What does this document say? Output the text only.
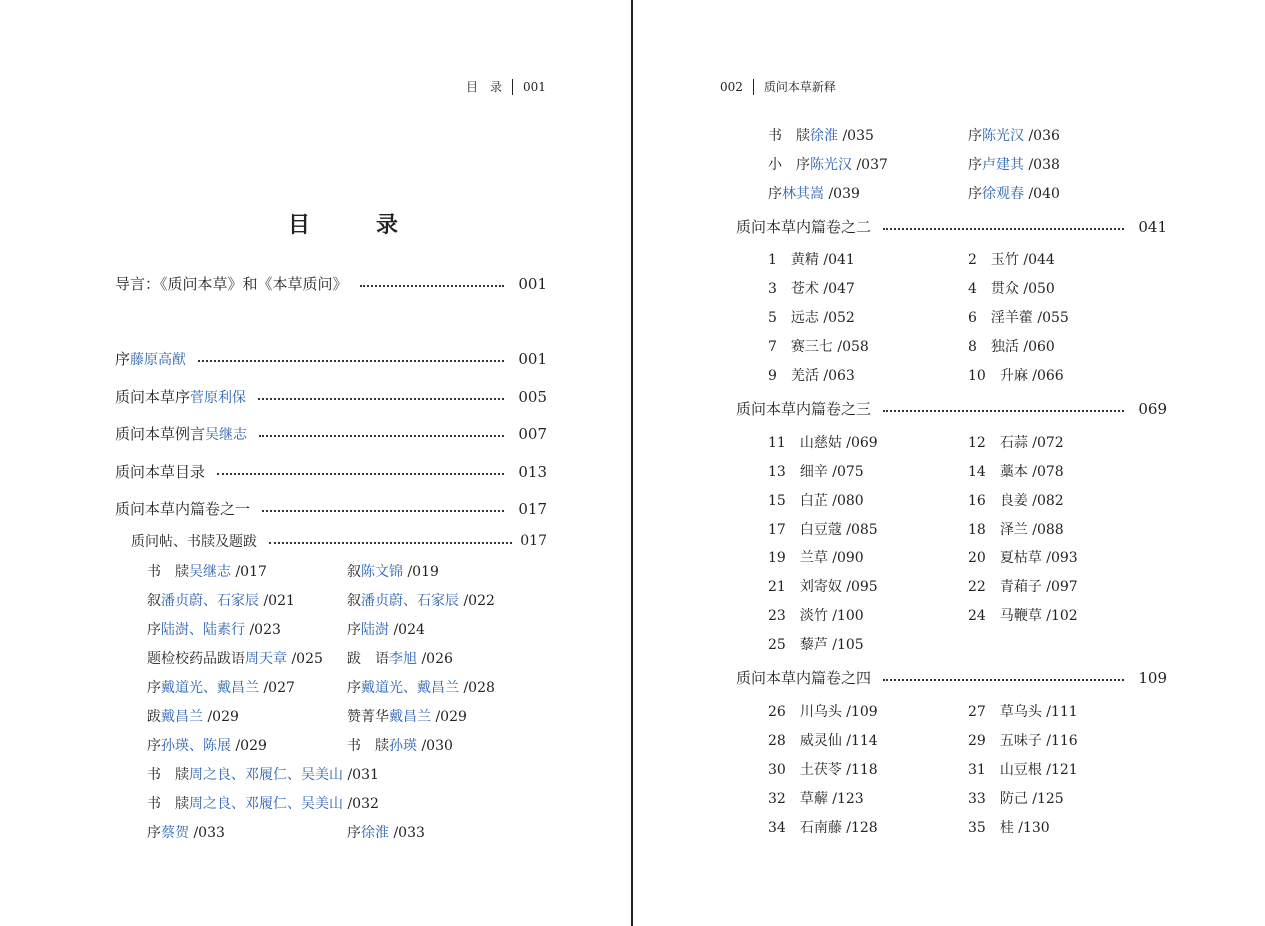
目　录 001
目　录
导言：《质问本草》和《本草质问》	001
序藤原高猷	001
质问本草序菅原利保	005
质问本草例言吴继志	007
质问本草目录	013
质问本草内篇卷之一	017
质问帖、书牍及题跋	017
书　牍吴继志 /017	叙陈文锦 /019
叙潘贞蔚、石家辰 /021	叙潘贞蔚、石家辰 /022
序陆澍、陆素行 /023	序陆澍 /024
题检校药品跋语周天章 /025 跋　语李旭 /026
序戴道光、戴昌兰 /027	序戴道光、戴昌兰 /028
跋戴昌兰 /029	赞菁华戴昌兰 /029
序孙瑛、陈展 /029	书　牍孙瑛 /030
书　牍周之良、邓履仁、吴美山 /031
书　牍周之良、邓履仁、吴美山 /032
序蔡贺 /033	序徐淮 /033
002 质问本草新释
书　牍徐淮 /035	序陈光汉 /036
小　序陈光汉 /037	序卢建其 /038
序林其嵩 /039	序徐观春 /040
质问本草内篇卷之二	041
1　黄精 /041	2　玉竹 /044
3　苍术 /047	4　贯众 /050
5　远志 /052	6　淫羊藿 /055
7　赛三七 /058	8　独活 /060
9　羌活 /063	10　升麻 /066
质问本草内篇卷之三	069
11　山慈姑 /069	12　石蒜 /072
13　细辛 /075	14　藁本 /078
15　白芷 /080	16　良姜 /082
17　白豆蔻 /085	18　泽兰 /088
19　兰草 /090	20　夏枯草 /093
21　刘寄奴 /095	22　青葙子 /097
23　淡竹 /100	24　马鞭草 /102
25　藜芦 /105
质问本草内篇卷之四	109
26　川乌头 /109	27　草乌头 /111
28　威灵仙 /114	29　五味子 /116
30　土茯苓 /118	31　山豆根 /121
32　草薢 /123	33　防己 /125
34　石南藤 /128	35　桂 /130
